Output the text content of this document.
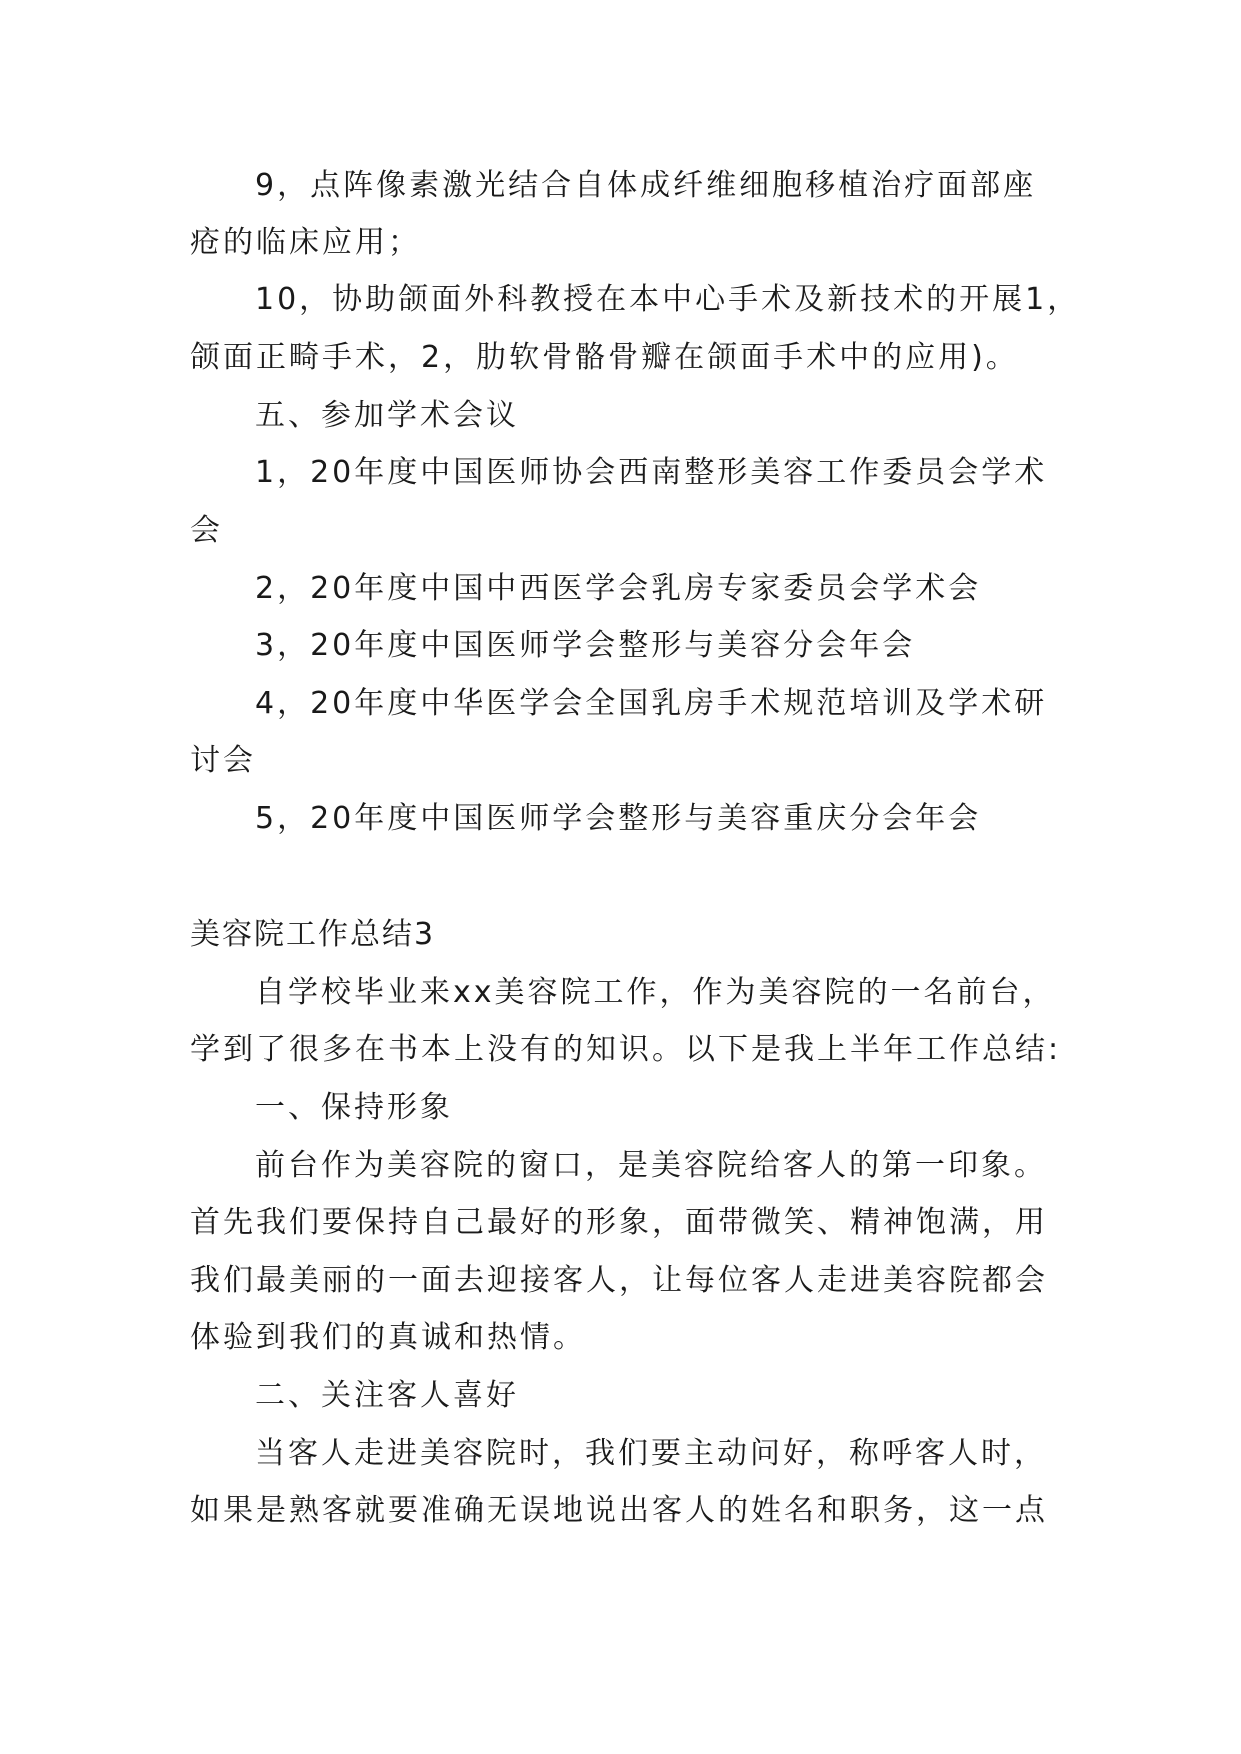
9，点阵像素激光结合自体成纤维细胞移植治疗面部座
疮的临床应用；
10，协助颌面外科教授在本中心手术及新技术的开展1，
颌面正畸手术，2，肋软骨骼骨瓣在颌面手术中的应用)。
五、参加学术会议
1，20年度中国医师协会西南整形美容工作委员会学术
会
2，20年度中国中西医学会乳房专家委员会学术会
3，20年度中国医师学会整形与美容分会年会
4，20年度中华医学会全国乳房手术规范培训及学术研
讨会
5，20年度中国医师学会整形与美容重庆分会年会
美容院工作总结3
自学校毕业来xx美容院工作，作为美容院的一名前台，
学到了很多在书本上没有的知识。以下是我上半年工作总结:
一、保持形象
前台作为美容院的窗口，是美容院给客人的第一印象。
首先我们要保持自己最好的形象，面带微笑、精神饱满，用
我们最美丽的一面去迎接客人，让每位客人走进美容院都会
体验到我们的真诚和热情。
二、关注客人喜好
当客人走进美容院时，我们要主动问好，称呼客人时，
如果是熟客就要准确无误地说出客人的姓名和职务，这一点
